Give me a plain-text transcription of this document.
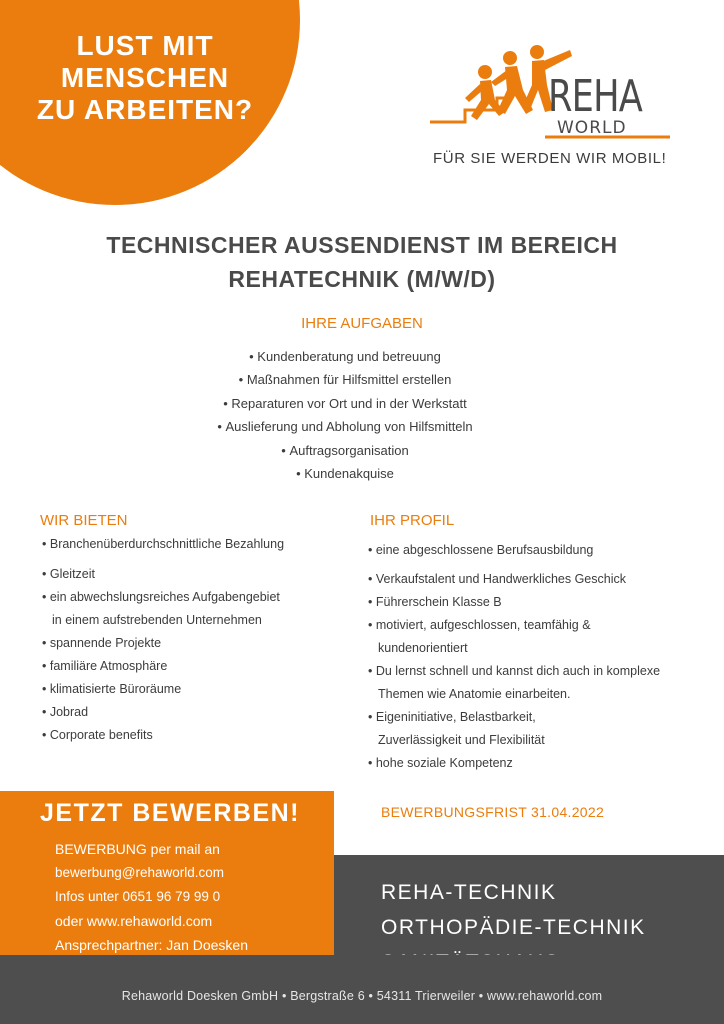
LUST MIT
MENSCHEN
ZU ARBEITEN?	REHA
WORLD
FÜR SIE WERDEN WIR MOBIL!
TECHNISCHER AUSSENDIENST IM BEREICH
REHATECHNIK (M/W/D)
IHRE AUFGABEN
• Kundenberatung und betreuung
• Maßnahmen für Hilfsmittel erstellen
• Reparaturen vor Ort und in der Werkstatt
• Auslieferung und Abholung von Hilfsmitteln
• Auftragsorganisation
• Kundenakquise
WIR BIETEN
• Branchenüberdurchschnittliche Bezahlung
• Gleitzeit
• ein abwechslungsreiches Aufgabengebiet
in einem aufstrebenden Unternehmen
• spannende Projekte
• familiäre Atmosphäre
• klimatisierte Büroräume
• Jobrad
• Corporate benefits
IHR PROFIL
• eine abgeschlossene Berufsausbildung
• Verkaufstalent und Handwerkliches Geschick
• Führerschein Klasse B
• motiviert, aufgeschlossen, teamfähig &
kundenorientiert
• Du lernst schnell und kannst dich auch in komplexe
Themen wie Anatomie einarbeiten.
• Eigeninitiative, Belastbarkeit,
Zuverlässigkeit und Flexibilität
• hohe soziale Kompetenz
JETZT BEWERBEN!
BEWERBUNG per mail an
bewerbung@rehaworld.com
Infos unter 0651 96 79 99 0
oder www.rehaworld.com
Ansprechpartner: Jan Doesken
BEWERBUNGSFRIST 31.04.2022
REHA-TECHNIK
ORTHOPÄDIE-TECHNIK
Rehaworld Doesken GmbH • Bergstraße 6 • 54311 Trierweiler • www.rehaworld.com
